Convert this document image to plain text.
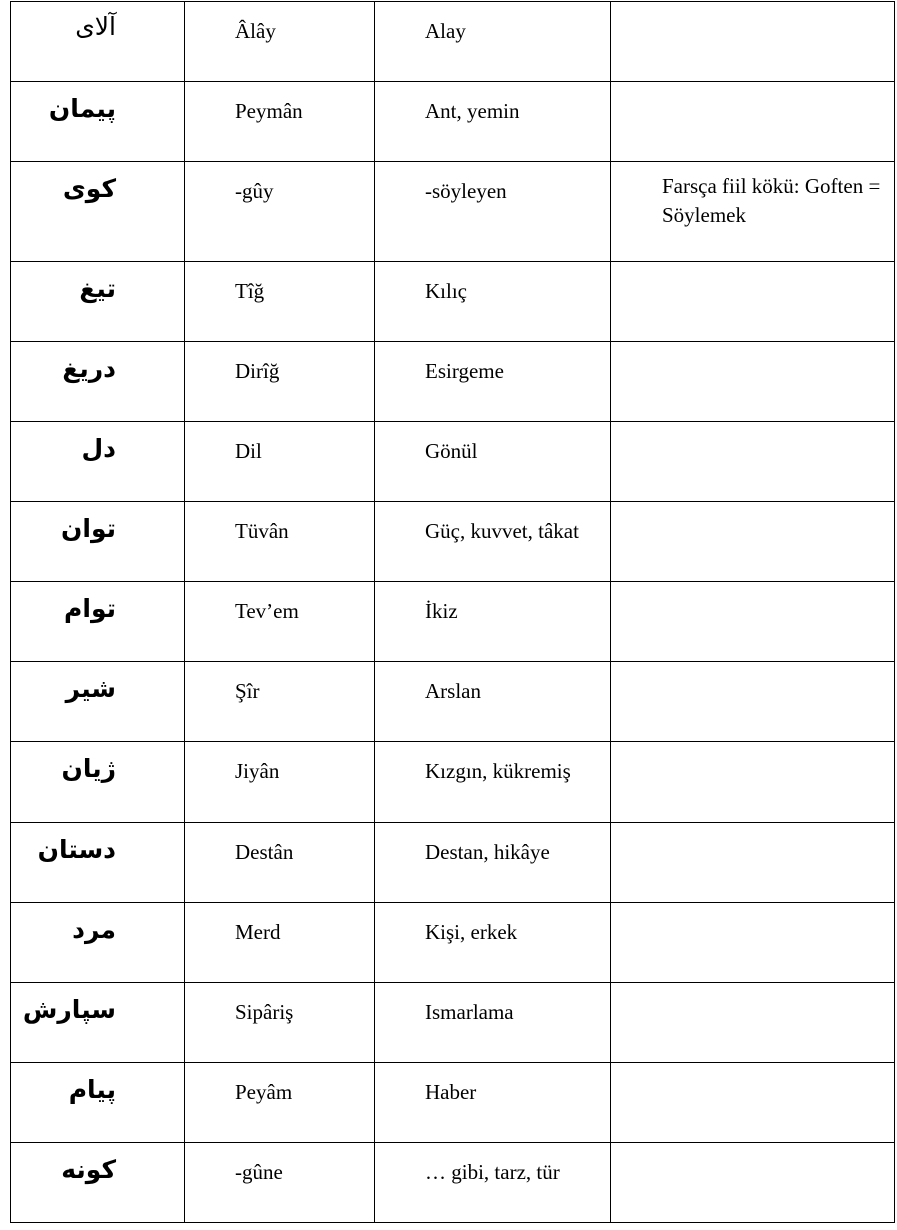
آلای	Âlây	Alay	

پیمان	Peymân	Ant, yemin	

کوی	-gûy	-söyleyen	Farsça fiil kökü: Goften = Söylemek

تیغ	Tîğ	Kılıç	

دریغ	Dirîğ	Esirgeme	

دل	Dil	Gönül	

توان	Tüvân	Güç, kuvvet, tâkat	

توام	Tev’em	İkiz	

شیر	Şîr	Arslan	

ژیان	Jiyân	Kızgın, kükremiş	

دستان	Destân	Destan, hikâye	

مرد	Merd	Kişi, erkek	

سپارش	Sipâriş	Ismarlama	

پیام	Peyâm	Haber	

کونه	-gûne	… gibi, tarz, tür	
